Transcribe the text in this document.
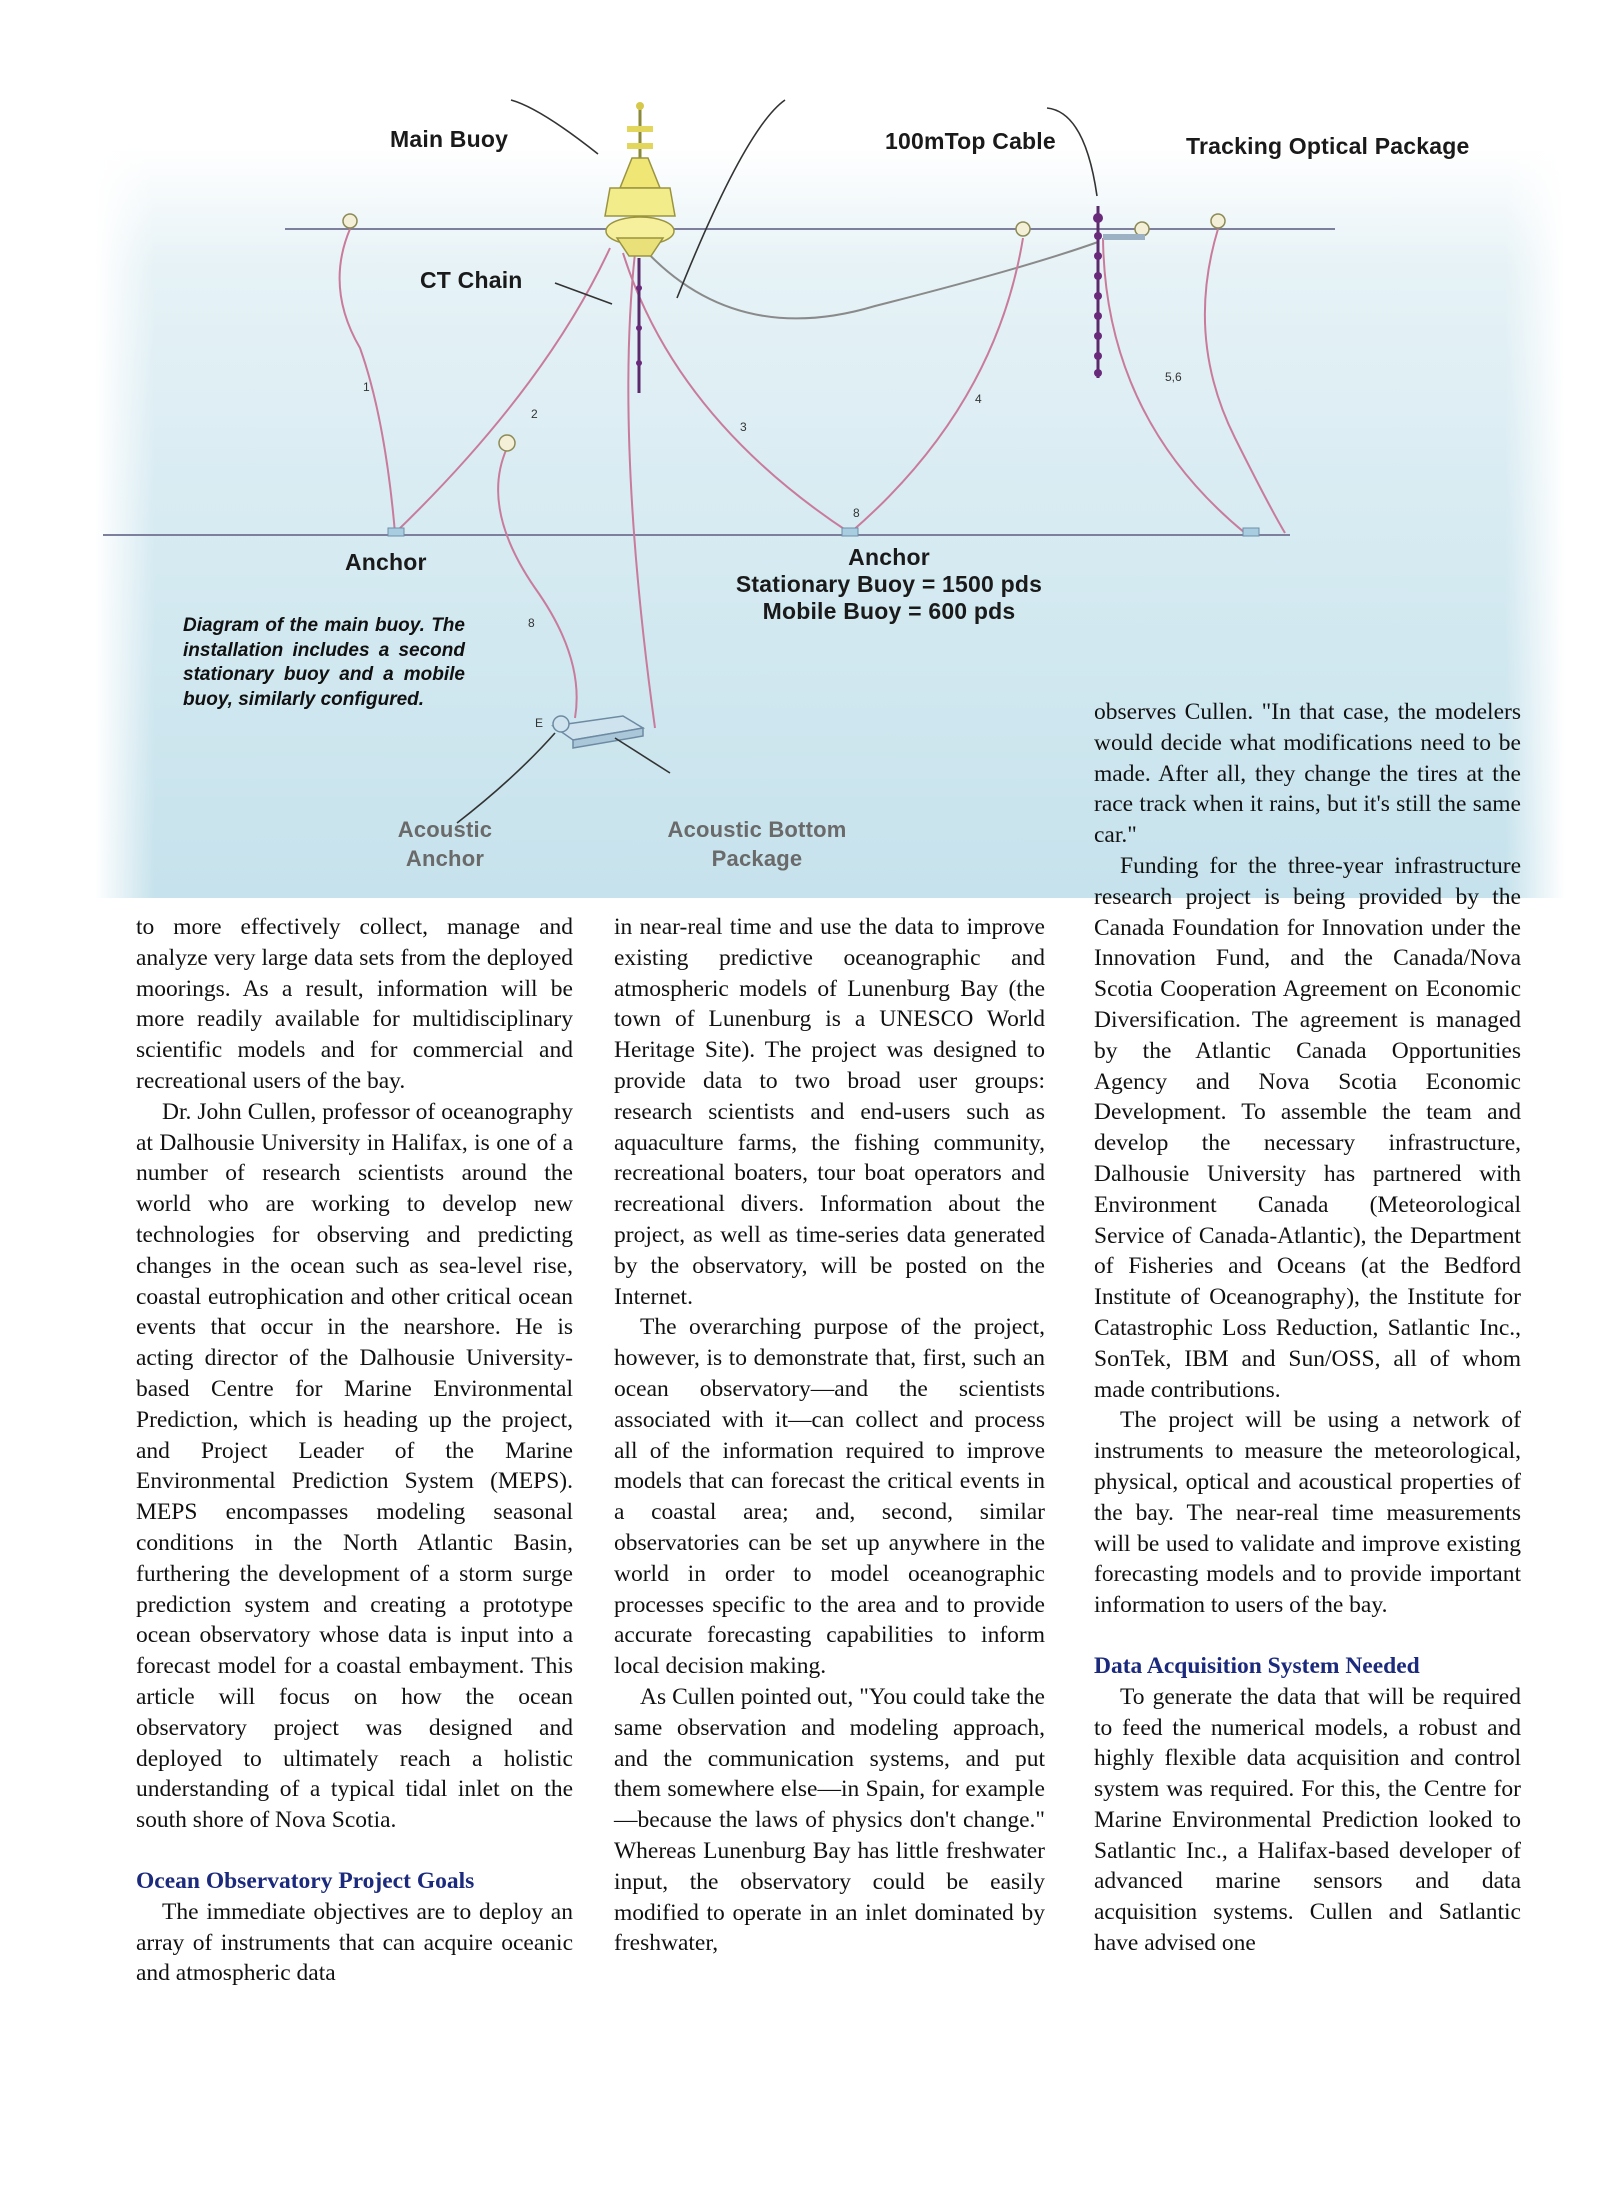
Main Buoy	100mTop Cable	Tracking Optical Package
CT Chain
Anchor	Anchor
Stationary Buoy = 1500 pds
Mobile Buoy = 600 pds
Acoustic
Anchor
Acoustic Bottom
Package
1
2
3
4
5,6
8
8
E
Diagram of the main buoy. The installation includes a second stationary buoy and a mobile buoy, similarly configured.

to more effectively collect, manage and analyze very large data sets from the deployed moorings. As a result, information will be more readily available for multidisciplinary scientific models and for commercial and recreational users of the bay.

Dr. John Cullen, professor of oceanography at Dalhousie University in Halifax, is one of a number of research scientists around the world who are working to develop new technologies for observing and predicting changes in the ocean such as sea-level rise, coastal eutrophication and other critical ocean events that occur in the nearshore. He is acting director of the Dalhousie University-based Centre for Marine Environmental Prediction, which is heading up the project, and Project Leader of the Marine Environmental Prediction System (MEPS). MEPS encompasses modeling seasonal conditions in the North Atlantic Basin, furthering the development of a storm surge prediction system and creating a prototype ocean observatory whose data is input into a forecast model for a coastal embayment. This article will focus on how the ocean observatory project was designed and deployed to ultimately reach a holistic understanding of a typical tidal inlet on the south shore of Nova Scotia.

Ocean Observatory Project Goals

The immediate objectives are to deploy an array of instruments that can acquire oceanic and atmospheric data

in near-real time and use the data to improve existing predictive oceanographic and atmospheric models of Lunenburg Bay (the town of Lunenburg is a UNESCO World Heritage Site). The project was designed to provide data to two broad user groups: research scientists and end-users such as aquaculture farms, the fishing community, recreational boaters, tour boat operators and recreational divers. Information about the project, as well as time-series data generated by the observatory, will be posted on the Internet.

The overarching purpose of the project, however, is to demonstrate that, first, such an ocean observatory—and the scientists associated with it—can collect and process all of the information required to improve models that can forecast the critical events in a coastal area; and, second, similar observatories can be set up anywhere in the world in order to model oceanographic processes specific to the area and to provide accurate forecasting capabilities to inform local decision making.

As Cullen pointed out, "You could take the same observation and modeling approach, and the communication systems, and put them somewhere else—in Spain, for example—because the laws of physics don't change." Whereas Lunenburg Bay has little freshwater input, the observatory could be easily modified to operate in an inlet dominated by freshwater,

observes Cullen. "In that case, the modelers would decide what modifications need to be made. After all, they change the tires at the race track when it rains, but it's still the same car."

Funding for the three-year infrastructure research project is being provided by the Canada Foundation for Innovation under the Innovation Fund, and the Canada/Nova Scotia Cooperation Agreement on Economic Diversification. The agreement is managed by the Atlantic Canada Opportunities Agency and Nova Scotia Economic Development. To assemble the team and develop the necessary infrastructure, Dalhousie University has partnered with Environment Canada (Meteorological Service of Canada-Atlantic), the Department of Fisheries and Oceans (at the Bedford Institute of Oceanography), the Institute for Catastrophic Loss Reduction, Satlantic Inc., SonTek, IBM and Sun/OSS, all of whom made contributions.

The project will be using a network of instruments to measure the meteorological, physical, optical and acoustical properties of the bay. The near-real time measurements will be used to validate and improve existing forecasting models and to provide important information to users of the bay.

Data Acquisition System Needed

To generate the data that will be required to feed the numerical models, a robust and highly flexible data acquisition and control system was required. For this, the Centre for Marine Environmental Prediction looked to Satlantic Inc., a Halifax-based developer of advanced marine sensors and data acquisition systems. Cullen and Satlantic have advised one
